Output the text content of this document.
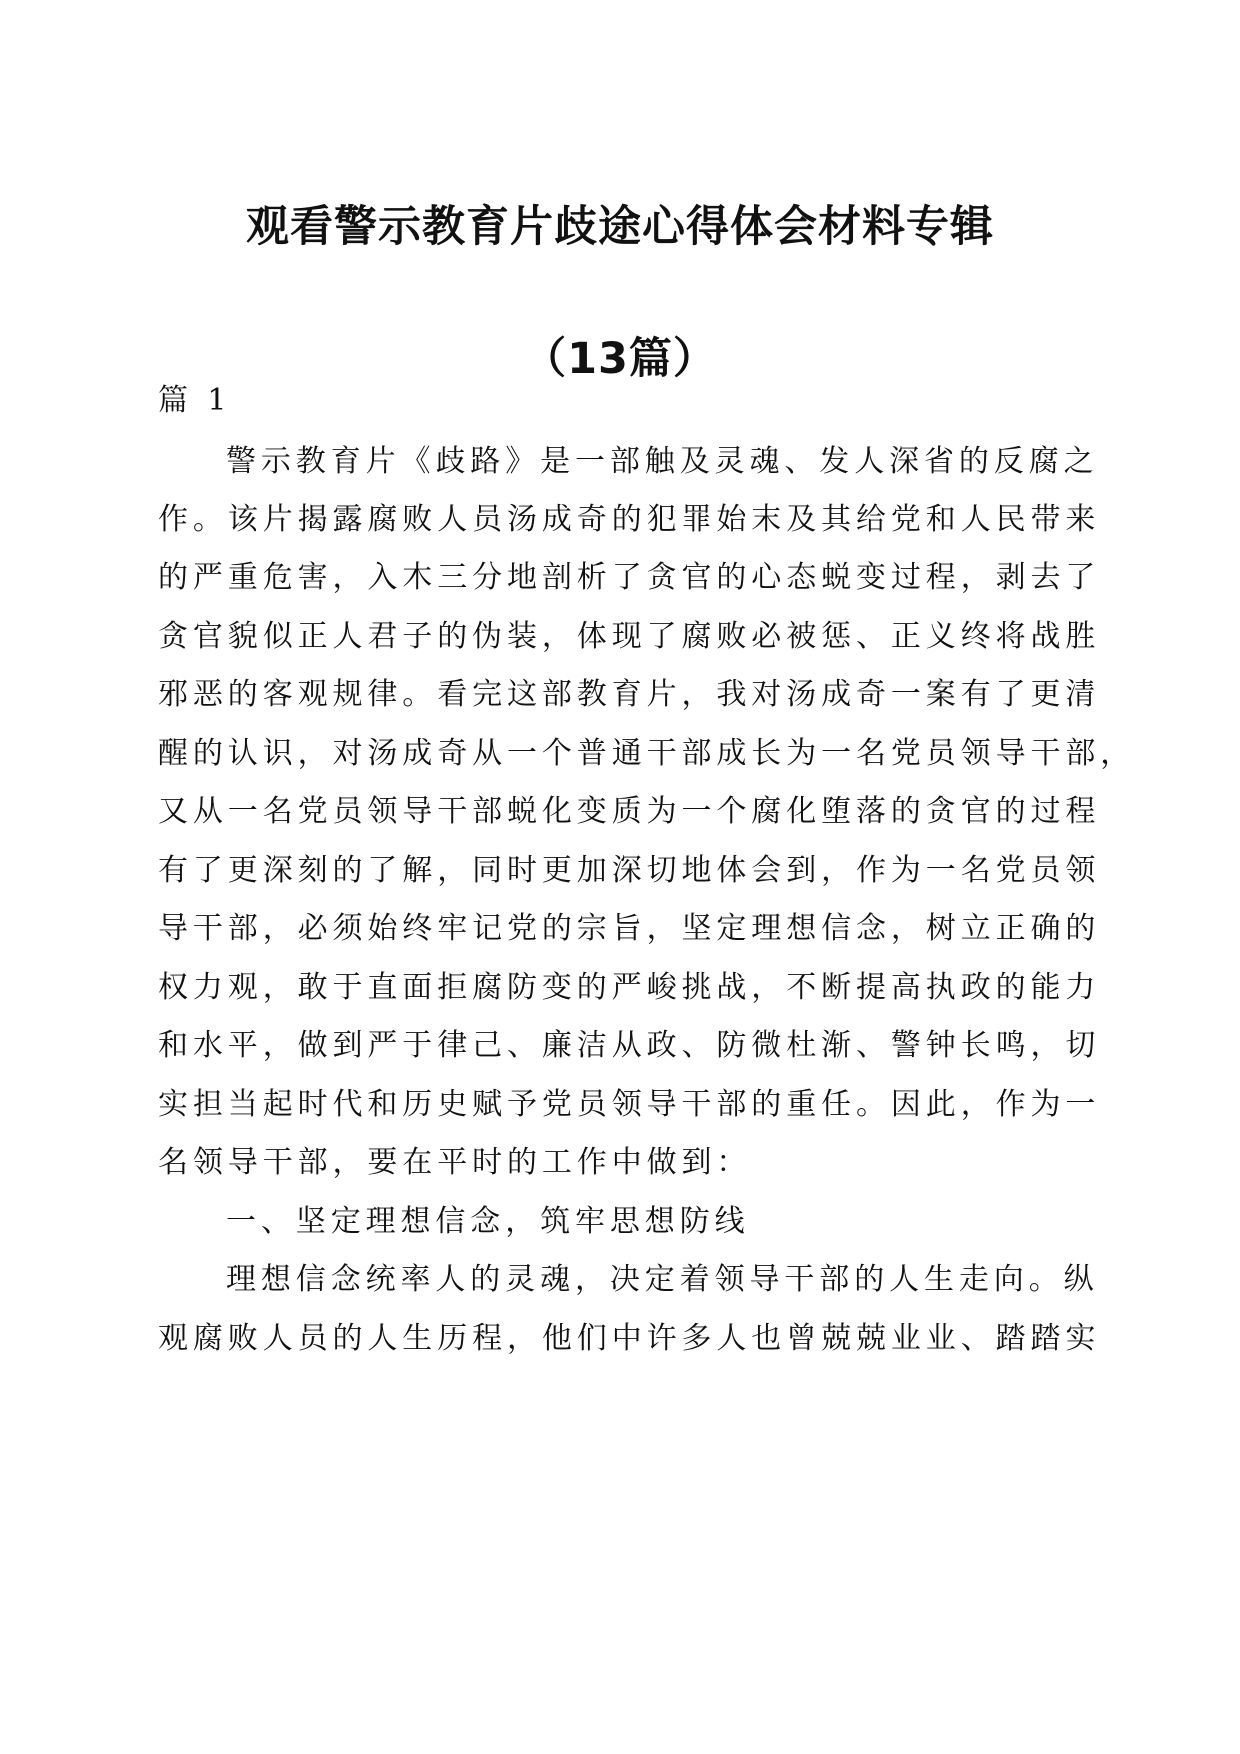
观看警示教育片歧途心得体会材料专辑
（13篇）
篇 1
警示教育片《歧路》是一部触及灵魂、发人深省的反腐之
作。该片揭露腐败人员汤成奇的犯罪始末及其给党和人民带来
的严重危害，入木三分地剖析了贪官的心态蜕变过程，剥去了
贪官貌似正人君子的伪装，体现了腐败必被惩、正义终将战胜
邪恶的客观规律。看完这部教育片，我对汤成奇一案有了更清
醒的认识，对汤成奇从一个普通干部成长为一名党员领导干部，
又从一名党员领导干部蜕化变质为一个腐化堕落的贪官的过程
有了更深刻的了解，同时更加深切地体会到，作为一名党员领
导干部，必须始终牢记党的宗旨，坚定理想信念，树立正确的
权力观，敢于直面拒腐防变的严峻挑战，不断提高执政的能力
和水平，做到严于律己、廉洁从政、防微杜渐、警钟长鸣，切
实担当起时代和历史赋予党员领导干部的重任。因此，作为一
名领导干部，要在平时的工作中做到：
一、坚定理想信念，筑牢思想防线
理想信念统率人的灵魂，决定着领导干部的人生走向。纵
观腐败人员的人生历程，他们中许多人也曾兢兢业业、踏踏实
